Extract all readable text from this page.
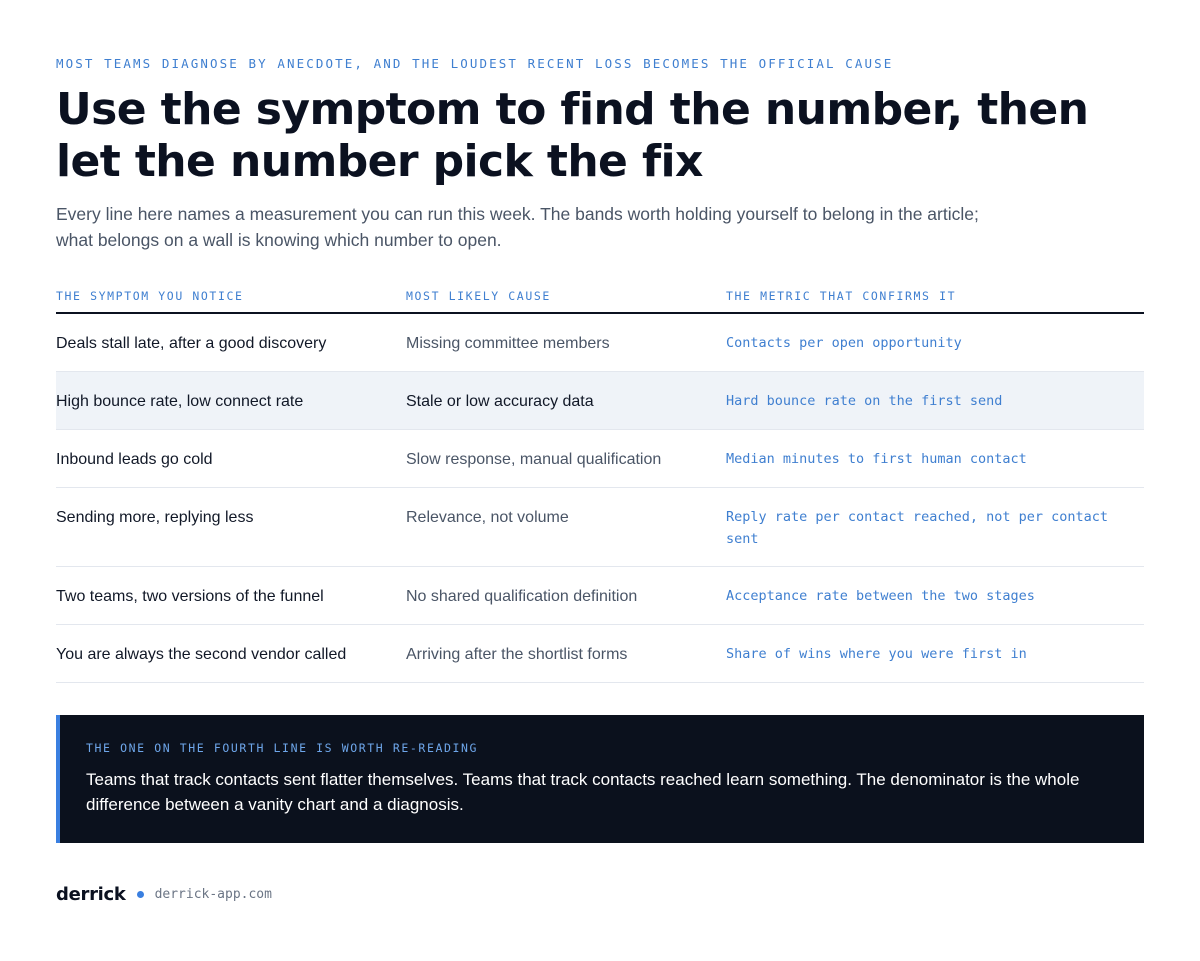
MOST TEAMS DIAGNOSE BY ANECDOTE, AND THE LOUDEST RECENT LOSS BECOMES THE OFFICIAL CAUSE
Use the symptom to find the number, then let the number pick the fix

Every line here names a measurement you can run this week. The bands worth holding yourself to belong in the article; what belongs on a wall is knowing which number to open.

THE SYMPTOM YOU NOTICE	MOST LIKELY CAUSE	THE METRIC THAT CONFIRMS IT
Deals stall late, after a good discovery	Missing committee members	Contacts per open opportunity
High bounce rate, low connect rate	Stale or low accuracy data	Hard bounce rate on the first send
Inbound leads go cold	Slow response, manual qualification	Median minutes to first human contact
Sending more, replying less	Relevance, not volume	Reply rate per contact reached, not per contact sent
Two teams, two versions of the funnel	No shared qualification definition	Acceptance rate between the two stages
You are always the second vendor called	Arriving after the shortlist forms	Share of wins where you were first in
THE ONE ON THE FOURTH LINE IS WORTH RE-READING

Teams that track contacts sent flatter themselves. Teams that track contacts reached learn something. The denominator is the whole difference between a vanity chart and a diagnosis.

derrick derrick-app.com
